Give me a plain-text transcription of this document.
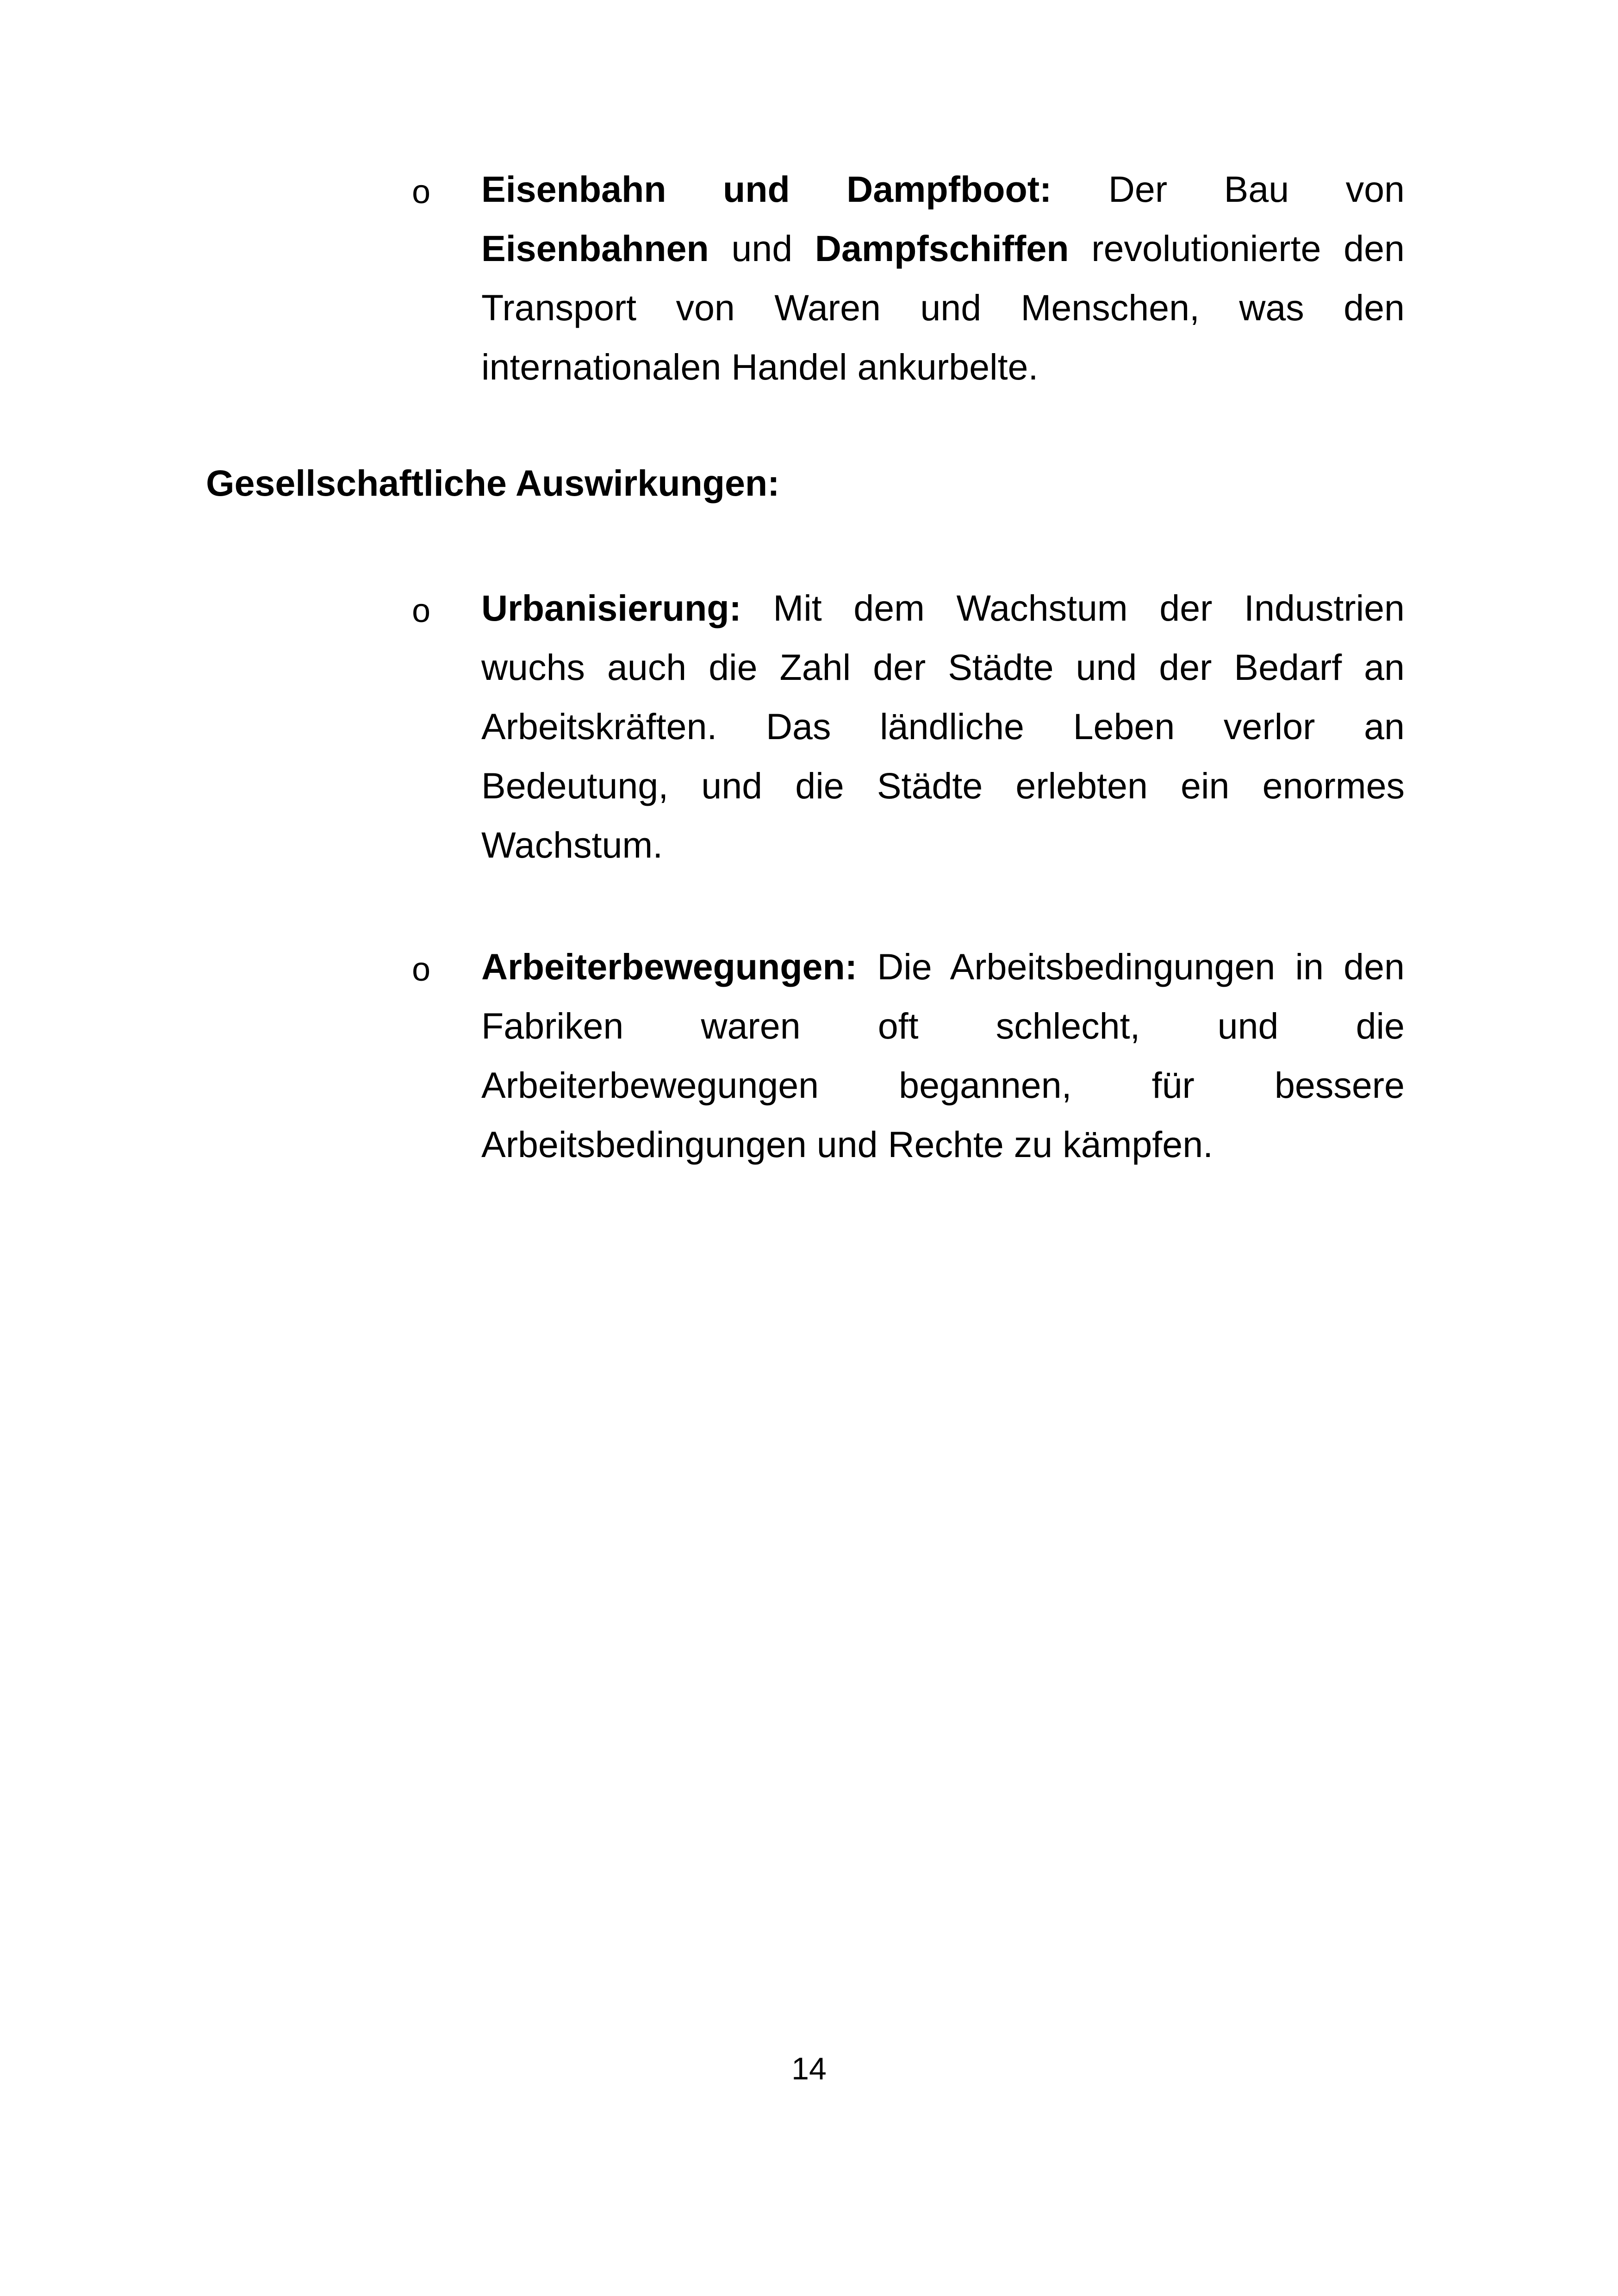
o Eisenbahn und Dampfboot: Der Bau von Eisenbahnen und Dampfschiffen revolutionierte den Transport von Waren und Menschen, was den internationalen Handel ankurbelte.
Gesellschaftliche Auswirkungen:
o Urbanisierung: Mit dem Wachstum der Industrien wuchs auch die Zahl der Städte und der Bedarf an Arbeitskräften. Das ländliche Leben verlor an Bedeutung, und die Städte erlebten ein enormes Wachstum.
o Arbeiterbewegungen: Die Arbeitsbedingungen in den Fabriken waren oft schlecht, und die Arbeiterbewegungen begannen, für bessere Arbeitsbedingungen und Rechte zu kämpfen.
14
